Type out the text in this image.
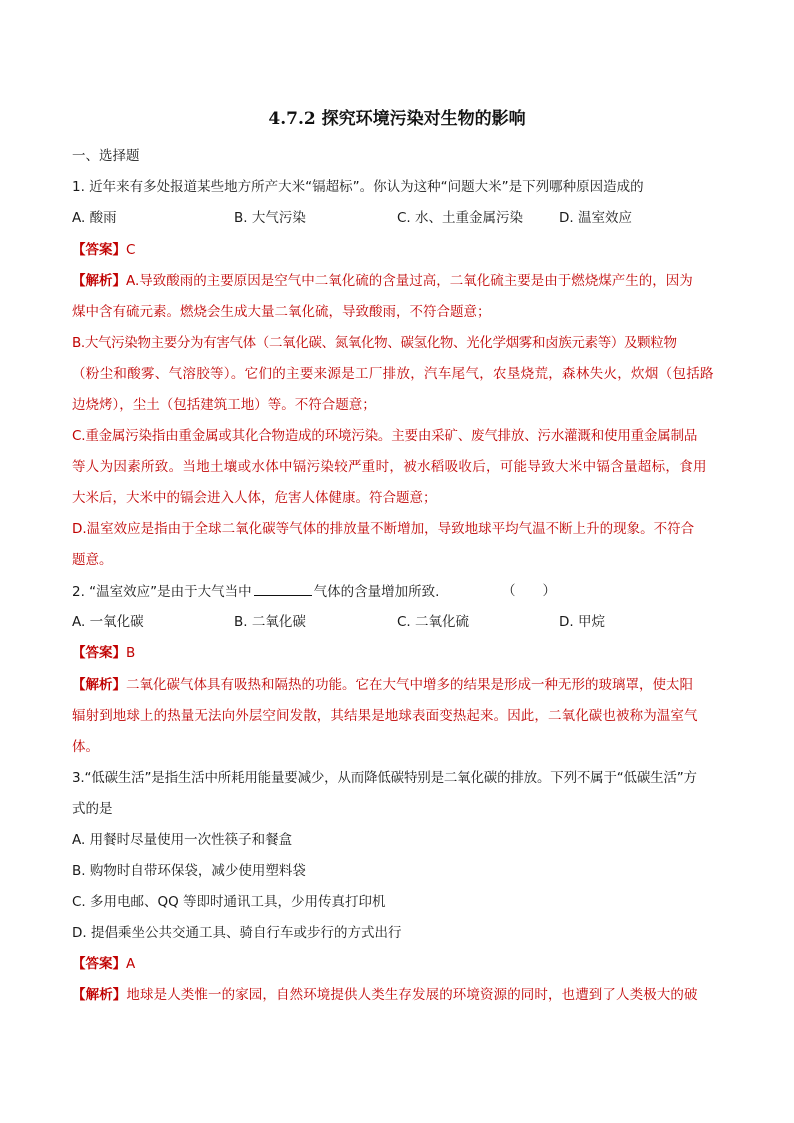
4.7.2 探究环境污染对生物的影响
一、选择题
1. 近年来有多处报道某些地方所产大米“镉超标”。你认为这种“问题大米”是下列哪种原因造成的
A. 酸雨	B. 大气污染	C. 水、土重金属污染	D. 温室效应
【答案】C
【解析】A.导致酸雨的主要原因是空气中二氧化硫的含量过高，二氧化硫主要是由于燃烧煤产生的，因为
煤中含有硫元素。燃烧会生成大量二氧化硫，导致酸雨，不符合题意；
B.大气污染物主要分为有害气体（二氧化碳、氮氧化物、碳氢化物、光化学烟雾和卤族元素等）及颗粒物
（粉尘和酸雾、气溶胶等）。它们的主要来源是工厂排放，汽车尾气，农垦烧荒，森林失火，炊烟（包括路
边烧烤），尘土（包括建筑工地）等。不符合题意；
C.重金属污染指由重金属或其化合物造成的环境污染。主要由采矿、废气排放、污水灌溉和使用重金属制品
等人为因素所致。当地土壤或水体中镉污染较严重时，被水稻吸收后，可能导致大米中镉含量超标，食用
大米后，大米中的镉会进入人体，危害人体健康。符合题意；
D.温室效应是指由于全球二氧化碳等气体的排放量不断增加，导致地球平均气温不断上升的现象。不符合
题意。
2. “温室效应”是由于大气当中	气体的含量增加所致.	（　　）
A. 一氧化碳	B. 二氧化碳	C. 二氧化硫	D. 甲烷
【答案】B
【解析】二氧化碳气体具有吸热和隔热的功能。它在大气中增多的结果是形成一种无形的玻璃罩，使太阳
辐射到地球上的热量无法向外层空间发散，其结果是地球表面变热起来。因此，二氧化碳也被称为温室气
体。
3.“低碳生活”是指生活中所耗用能量要减少，从而降低碳特别是二氧化碳的排放。下列不属于“低碳生活”方
式的是
A. 用餐时尽量使用一次性筷子和餐盒
B. 购物时自带环保袋，减少使用塑料袋
C. 多用电邮、QQ 等即时通讯工具，少用传真打印机
D. 提倡乘坐公共交通工具、骑自行车或步行的方式出行
【答案】A
【解析】地球是人类惟一的家园，自然环境提供人类生存发展的环境资源的同时，也遭到了人类极大的破
